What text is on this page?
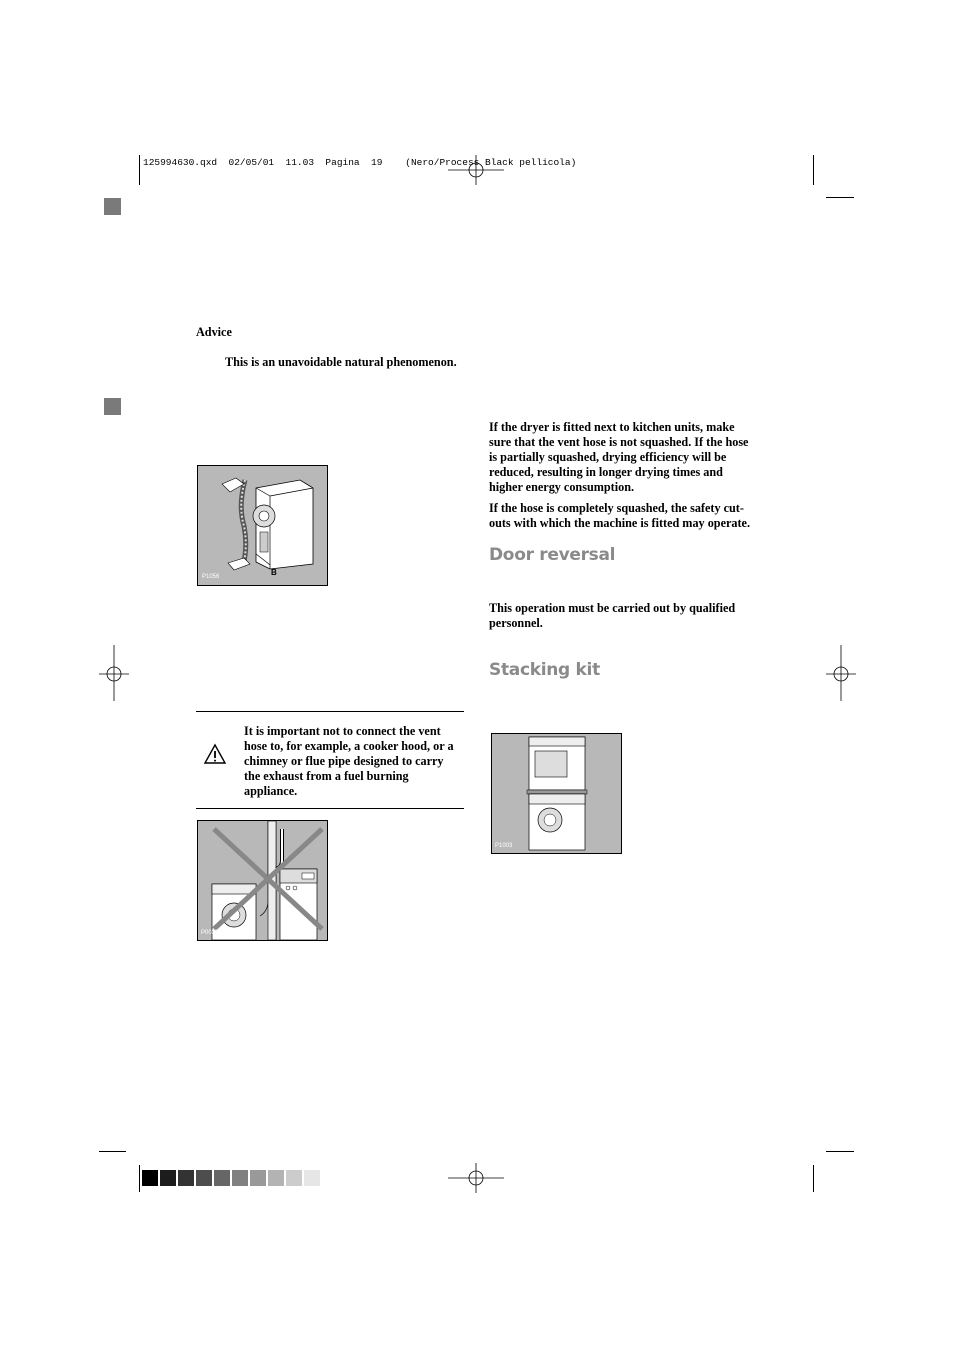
125994630.qxd  02/05/01  11.03  Pagina  19    (Nero/Process Black pellicola)
Advice
This is an unavoidable natural phenomenon.
B
P1056
It is important not to connect the vent hose to, for example, a cooker hood, or a chimney or flue pipe designed to carry the exhaust from a fuel burning appliance.
P0035
If the dryer is fitted next to kitchen units, make sure that the vent hose is not squashed. If the hose is partially squashed, drying efficiency will be reduced, resulting in longer drying times and higher energy consumption.
If the hose is completely squashed, the safety cut-outs with which the machine is fitted may operate.
Door reversal
This operation must be carried out by qualified personnel.
Stacking kit
P1003
